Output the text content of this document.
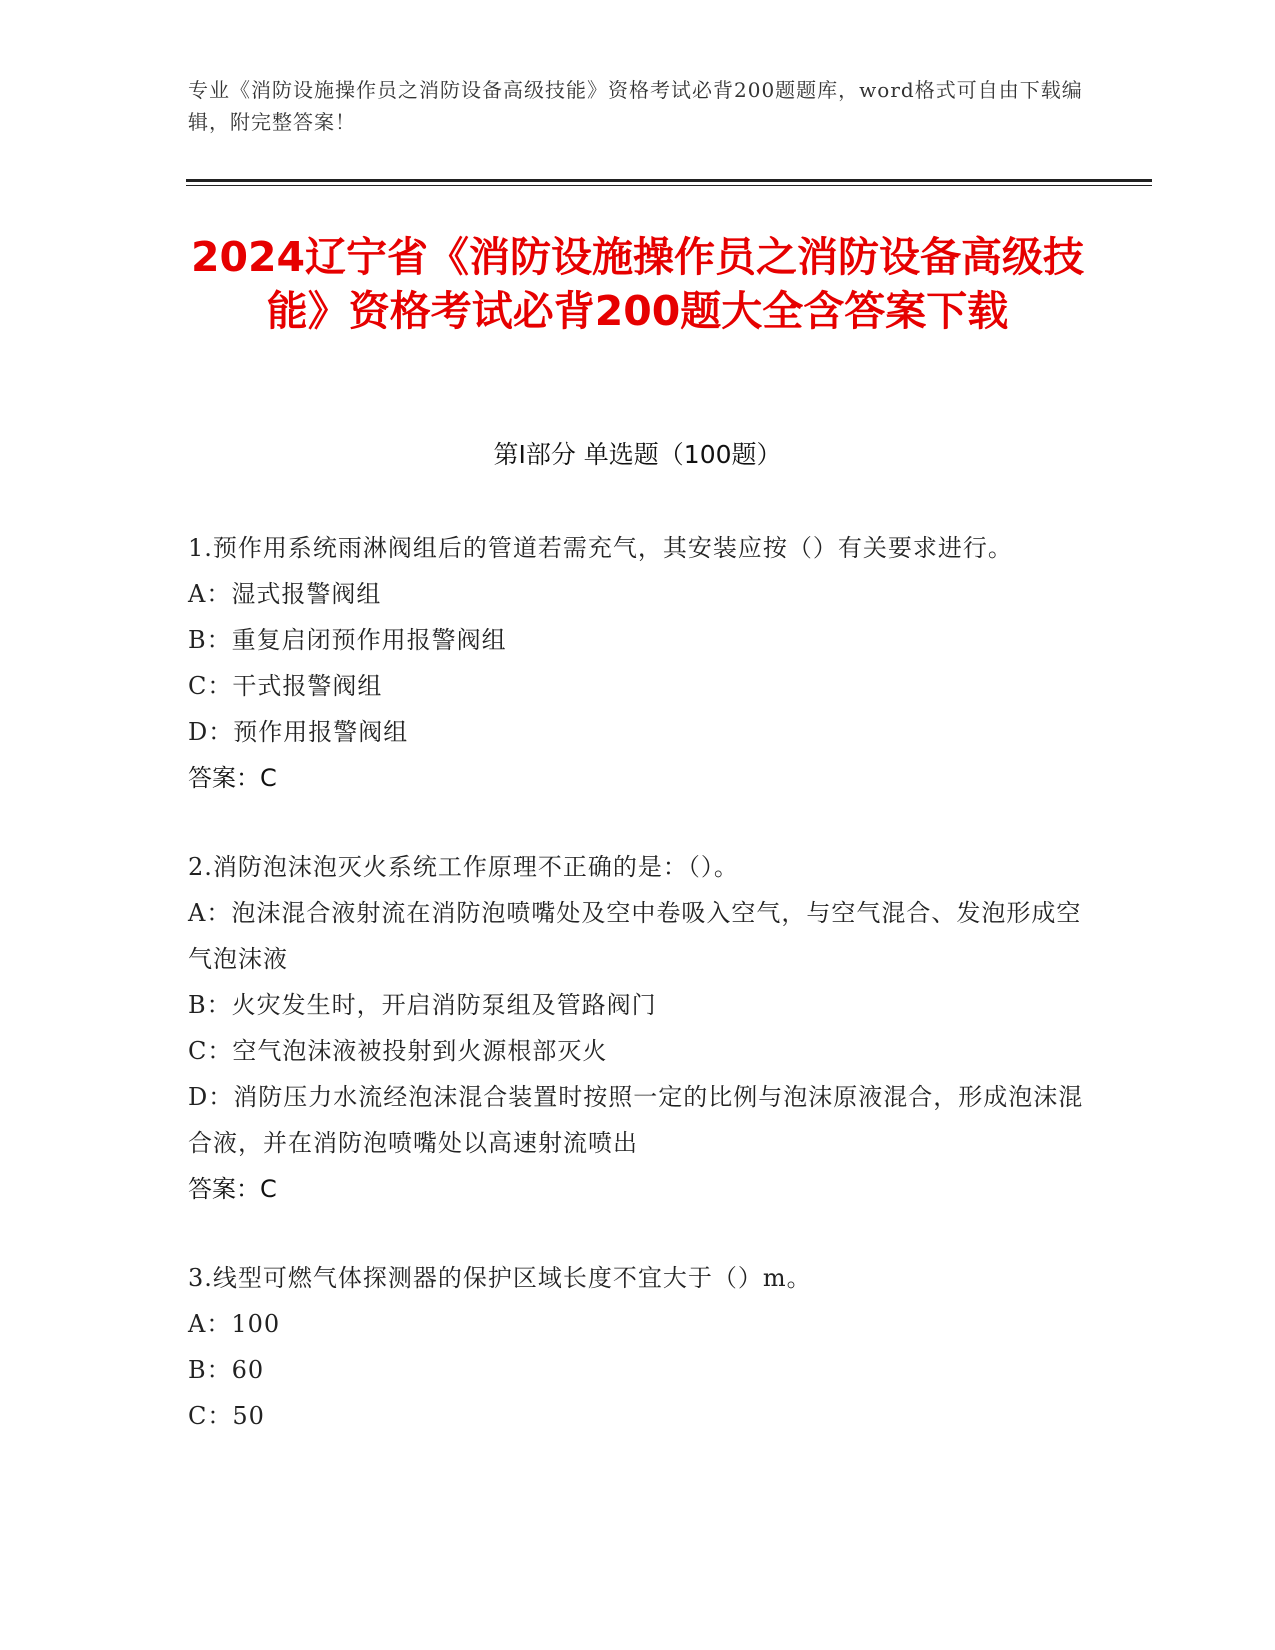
专业《消防设施操作员之消防设备高级技能》资格考试必背200题题库，word格式可自由下载编辑，附完整答案！
2024辽宁省《消防设施操作员之消防设备高级技能》资格考试必背200题大全含答案下载
第Ⅰ部分 单选题（100题）
1.预作用系统雨淋阀组后的管道若需充气，其安装应按（）有关要求进行。
A：湿式报警阀组
B：重复启闭预作用报警阀组
C：干式报警阀组
D：预作用报警阀组
答案：C
2.消防泡沫泡灭火系统工作原理不正确的是：（）。
A：泡沫混合液射流在消防泡喷嘴处及空中卷吸入空气，与空气混合、发泡形成空气泡沫液
B：火灾发生时，开启消防泵组及管路阀门
C：空气泡沫液被投射到火源根部灭火
D：消防压力水流经泡沫混合装置时按照一定的比例与泡沫原液混合，形成泡沫混合液，并在消防泡喷嘴处以高速射流喷出
答案：C
3.线型可燃气体探测器的保护区域长度不宜大于（）m。
A：100
B：60
C：50
